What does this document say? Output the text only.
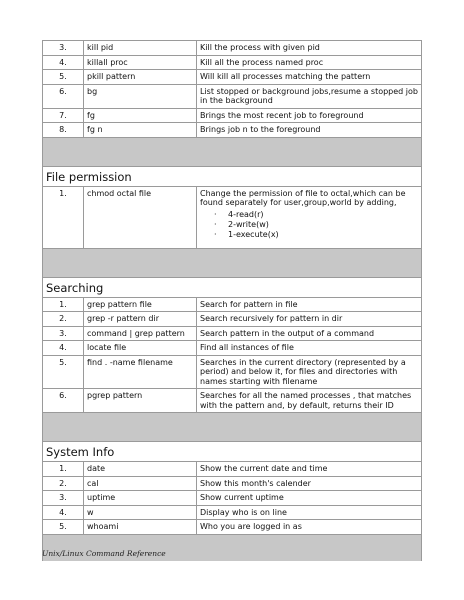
3.	kill pid	Kill the process with given pid
4.	killall proc	Kill all the process named proc
5.	pkill pattern	Will kill all processes matching the pattern
6.	bg	List stopped or background jobs,resume a stopped job in the background
7.	fg	Brings the most recent job to foreground
8.	fg n	Brings job n to the foreground
File permission
1.	chmod octal file	Change the permission of file to octal,which can be found separately for user,group,world by adding,
· 4-read(r)
· 2-write(w)
· 1-execute(x)
Searching
1.	grep pattern file	Search for pattern in file
2.	grep -r pattern dir	Search recursively for pattern in dir
3.	command | grep pattern	Search pattern in the output of a command
4.	locate file	Find all instances of file
5.	find . -name filename	Searches in the current directory (represented by a period) and below it, for files and directories with names starting with filename
6.	pgrep pattern	Searches for all the named processes , that matches with the pattern and, by default, returns their ID
System Info
1.	date	Show the current date and time
2.	cal	Show this month's calender
3.	uptime	Show current uptime
4.	w	Display who is on line
5.	whoami	Who you are logged in as
Unix/Linux Command Reference
